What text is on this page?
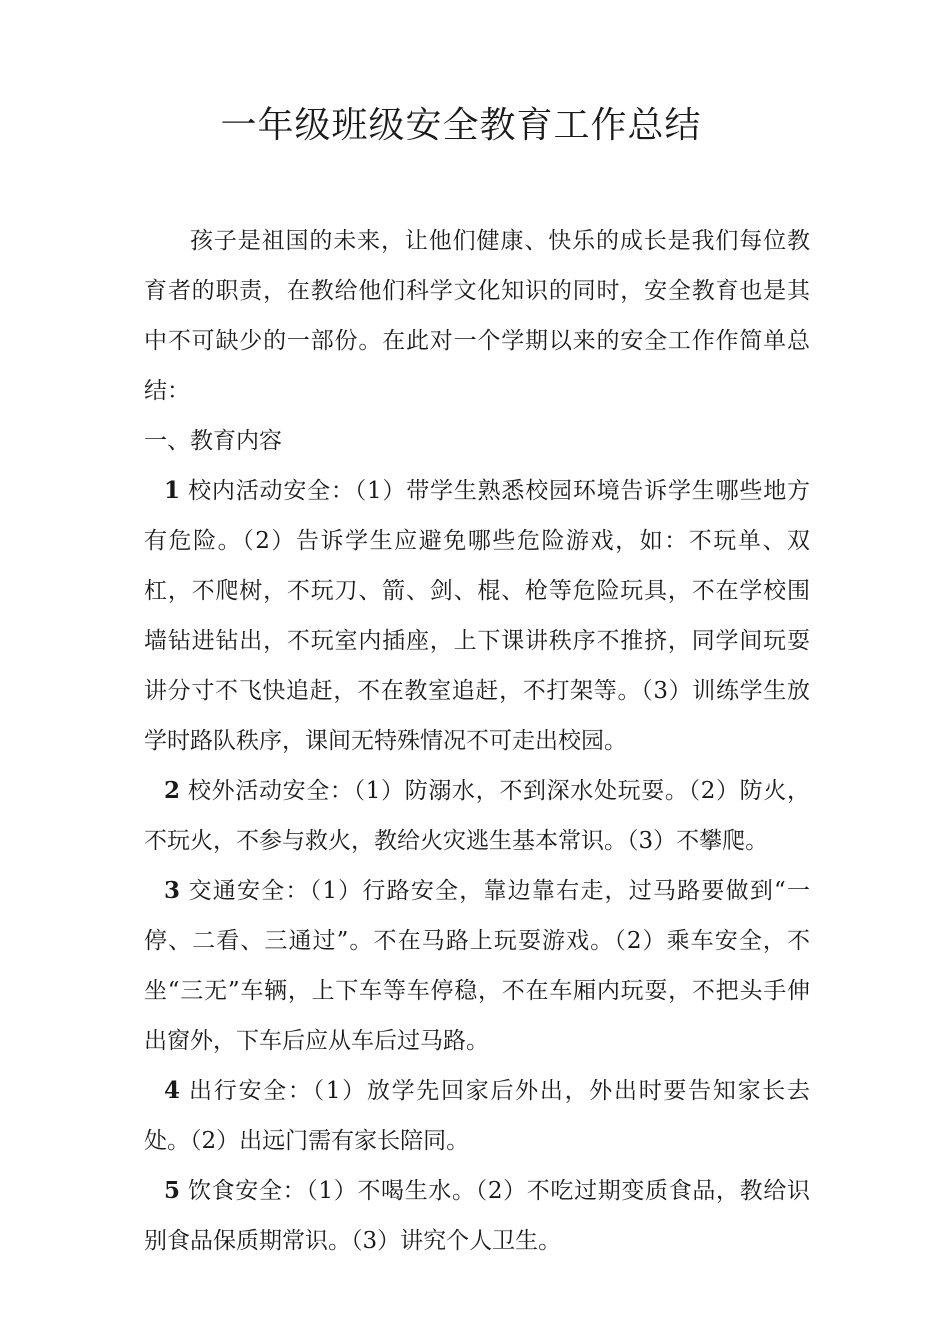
一年级班级安全教育工作总结

孩子是祖国的未来，让他们健康、快乐的成长是我们每位教育者的职责，在教给他们科学文化知识的同时，安全教育也是其中不可缺少的一部份。在此对一个学期以来的安全工作作简单总结：

一、教育内容

1 校内活动安全：（1）带学生熟悉校园环境告诉学生哪些地方有危险。（2）告诉学生应避免哪些危险游戏，如：不玩单、双杠，不爬树，不玩刀、箭、剑、棍、枪等危险玩具，不在学校围墙钻进钻出，不玩室内插座，上下课讲秩序不推挤，同学间玩耍讲分寸不飞快追赶，不在教室追赶，不打架等。（3）训练学生放学时路队秩序，课间无特殊情况不可走出校园。

2 校外活动安全：（1）防溺水，不到深水处玩耍。（2）防火，不玩火，不参与救火，教给火灾逃生基本常识。（3）不攀爬。

3 交通安全：（1）行路安全，靠边靠右走，过马路要做到“一停、二看、三通过”。不在马路上玩耍游戏。（2）乘车安全，不坐“三无”车辆，上下车等车停稳，不在车厢内玩耍，不把头手伸出窗外，下车后应从车后过马路。

4 出行安全：（1）放学先回家后外出，外出时要告知家长去处。（2）出远门需有家长陪同。

5 饮食安全：（1）不喝生水。（2）不吃过期变质食品，教给识别食品保质期常识。（3）讲究个人卫生。
